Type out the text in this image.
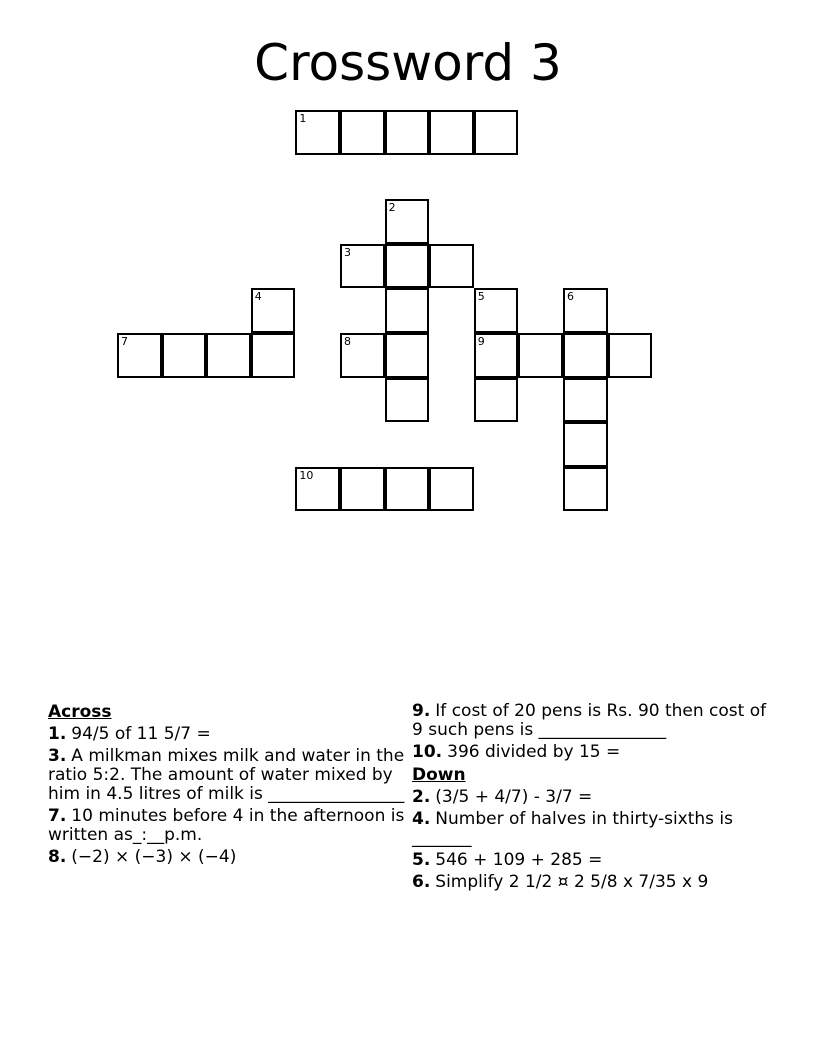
Crossword 3
1
2
3
4	5	6
7	8	9
10
Across
1. 94/5 of 11 5/7 =
3. A milkman mixes milk and water in the ratio 5:2. The amount of water mixed by him in 4.5 litres of milk is ________________
7. 10 minutes before 4 in the afternoon is written as_:__p.m.
8. (−2) × (−3) × (−4)
9. If cost of 20 pens is Rs. 90 then cost of 9 such pens is _______________
10. 396 divided by 15 =
Down
2. (3/5 + 4/7) - 3/7 =
4. Number of halves in thirty-sixths is _______
5. 546 + 109 + 285 =
6. Simplify 2 1/2 ¤ 2 5/8 x 7/35 x 9
